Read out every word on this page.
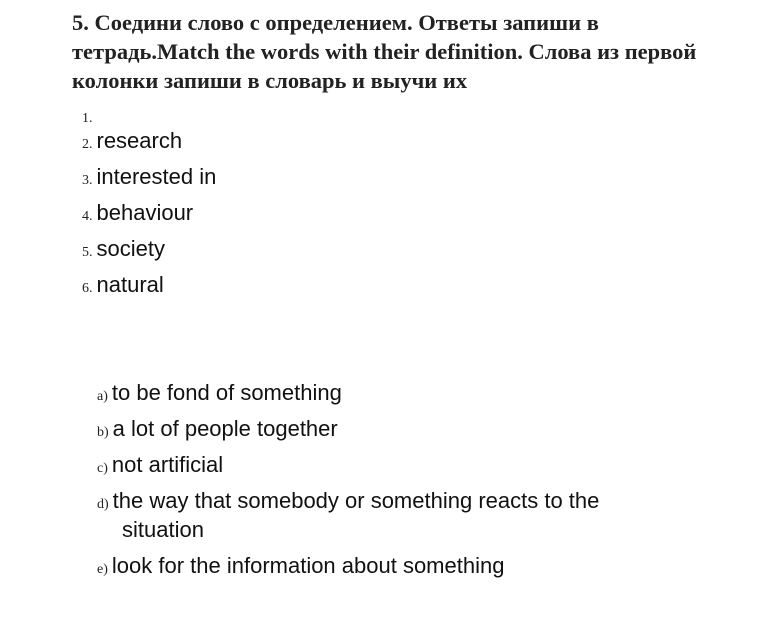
5. Соедини слово с определением. Ответы запиши в тетрадь.Match the words with their definition. Слова из первой колонки запиши в словарь и выучи их
1.
2. research
3. interested in
4. behaviour
5. society
6. natural
a) to be fond of something
b) a lot of people together
c) not artificial
d) the way that somebody or something reacts to the
situation
e) look for the information about something
